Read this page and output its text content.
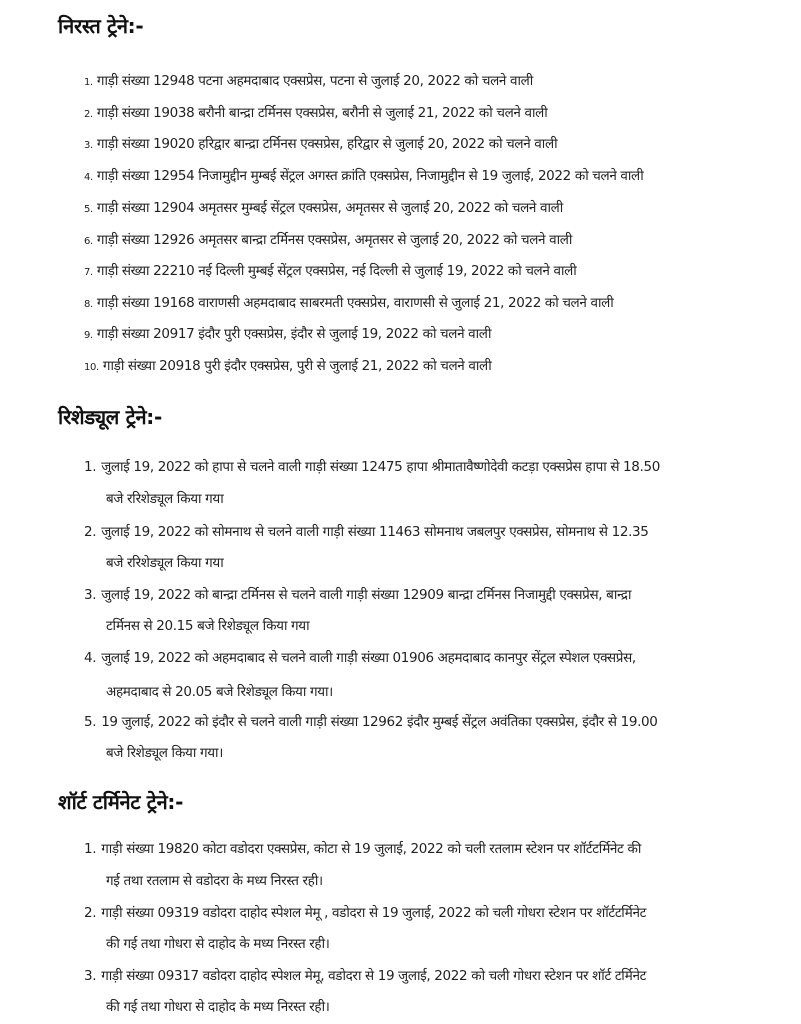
निरस्त ट्रेने:-
1. गाड़ी संख्या 12948 पटना अहमदाबाद एक्सप्रेस, पटना से जुलाई 20, 2022 को चलने वाली
2. गाड़ी संख्या 19038 बरौनी बान्द्रा टर्मिनस एक्सप्रेस, बरौनी से जुलाई 21, 2022 को चलने वाली
3. गाड़ी संख्या 19020 हरिद्वार बान्द्रा टर्मिनस एक्सप्रेस, हरिद्वार से जुलाई 20, 2022 को चलने वाली
4. गाड़ी संख्या 12954 निजामुद्दीन मुम्बई सेंट्रल अगस्त क्रांति एक्सप्रेस, निजामुद्दीन से 19 जुलाई, 2022 को चलने वाली
5. गाड़ी संख्या 12904 अमृतसर मुम्बई सेंट्रल एक्सप्रेस, अमृतसर से जुलाई 20, 2022 को चलने वाली
6. गाड़ी संख्या 12926 अमृतसर बान्द्रा टर्मिनस एक्सप्रेस, अमृतसर से जुलाई 20, 2022 को चलने वाली
7. गाड़ी संख्या 22210 नई दिल्ली मुम्बई सेंट्रल एक्सप्रेस, नई दिल्ली से जुलाई 19, 2022 को चलने वाली
8. गाड़ी संख्या 19168 वाराणसी अहमदाबाद साबरमती एक्सप्रेस, वाराणसी से जुलाई 21, 2022 को चलने वाली
9. गाड़ी संख्या 20917 इंदौर पुरी एक्सप्रेस, इंदौर से जुलाई 19, 2022 को चलने वाली
10. गाड़ी संख्या 20918 पुरी इंदौर एक्सप्रेस, पुरी से जुलाई 21, 2022 को चलने वाली
रिशेड्यूल ट्रेने:-
1. जुलाई 19, 2022 को हापा से चलने वाली गाड़ी संख्या 12475 हापा श्रीमातावैष्णोदेवी कटड़ा एक्सप्रेस हापा से 18.50
बजे ररिशेड्यूल किया गया
2. जुलाई 19, 2022 को सोमनाथ से चलने वाली गाड़ी संख्या 11463 सोमनाथ जबलपुर एक्सप्रेस, सोमनाथ से 12.35
बजे ररिशेड्यूल किया गया
3. जुलाई 19, 2022 को बान्द्रा टर्मिनस से चलने वाली गाड़ी संख्या 12909 बान्द्रा टर्मिनस निजामुद्दी एक्सप्रेस, बान्द्रा
टर्मिनस से 20.15 बजे रिशेड्यूल किया गया
4. जुलाई 19, 2022 को अहमदाबाद से चलने वाली गाड़ी संख्या 01906 अहमदाबाद कानपुर सेंट्रल स्पेशल एक्सप्रेस,
अहमदाबाद से 20.05 बजे रिशेड्यूल किया गया।
5. 19 जुलाई, 2022 को इंदौर से चलने वाली गाड़ी संख्या 12962 इंदौर मुम्बई सेंट्रल अवंतिका एक्सप्रेस, इंदौर से 19.00
बजे रिशेड्यूल किया गया।
शॉर्ट टर्मिनेट ट्रेने:-
1. गाड़ी संख्या 19820 कोटा वडोदरा एक्सप्रेस, कोटा से 19 जुलाई, 2022 को चली रतलाम स्टेशन पर शॉर्टटर्मिनेट की
गई तथा रतलाम से वडोदरा के मध्य निरस्त रही।
2. गाड़ी संख्या 09319 वडोदरा दाहोद स्पेशल मेमू , वडोदरा से 19 जुलाई, 2022 को चली गोधरा स्टेशन पर शॉर्टटर्मिनेट
की गई तथा गोधरा से दाहोद के मध्य निरस्त रही।
3. गाड़ी संख्या 09317 वडोदरा दाहोद स्पेशल मेमू, वडोदरा से 19 जुलाई, 2022 को चली गोधरा स्टेशन पर शॉर्ट टर्मिनेट
की गई तथा गोधरा से दाहोद के मध्य निरस्त रही।
